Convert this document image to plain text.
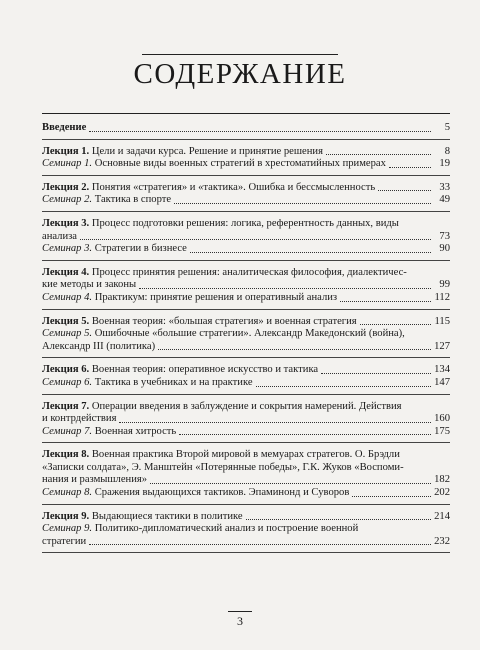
СОДЕРЖАНИЕ
Введение	5
Лекция 1. Цели и задачи курса. Решение и принятие решения	8
Семинар 1. Основные виды военных стратегий в хрестоматийных примерах	19
Лекция 2. Понятия «стратегия» и «тактика». Ошибка и бессмысленность	33
Семинар 2. Тактика в спорте	49
Лекция 3. Процесс подготовки решения: логика, референтность данных, виды
анализа	73
Семинар 3. Стратегии в бизнесе	90
Лекция 4. Процесс принятия решения: аналитическая философия, диалектичес-
кие методы и законы	99
Семинар 4. Практикум: принятие решения и оперативный анализ	112
Лекция 5. Военная теория: «большая стратегия» и военная стратегия	115
Семинар 5. Ошибочные «большие стратегии». Александр Македонский (война),
Александр III (политика)	127
Лекция 6. Военная теория: оперативное искусство и тактика	134
Семинар 6. Тактика в учебниках и на практике	147
Лекция 7. Операции введения в заблуждение и сокрытия намерений. Действия
и контрдействия	160
Семинар 7. Военная хитрость	175
Лекция 8. Военная практика Второй мировой в мемуарах стратегов. О. Брэдли
«Записки солдата», Э. Манштейн «Потерянные победы», Г.К. Жуков «Воспоми-
нания и размышления»	182
Семинар 8. Сражения выдающихся тактиков. Эпаминонд и Суворов	202
Лекция 9. Выдающиеся тактики в политике	214
Семинар 9. Политико-дипломатический анализ и построение военной
стратегии	232
3
